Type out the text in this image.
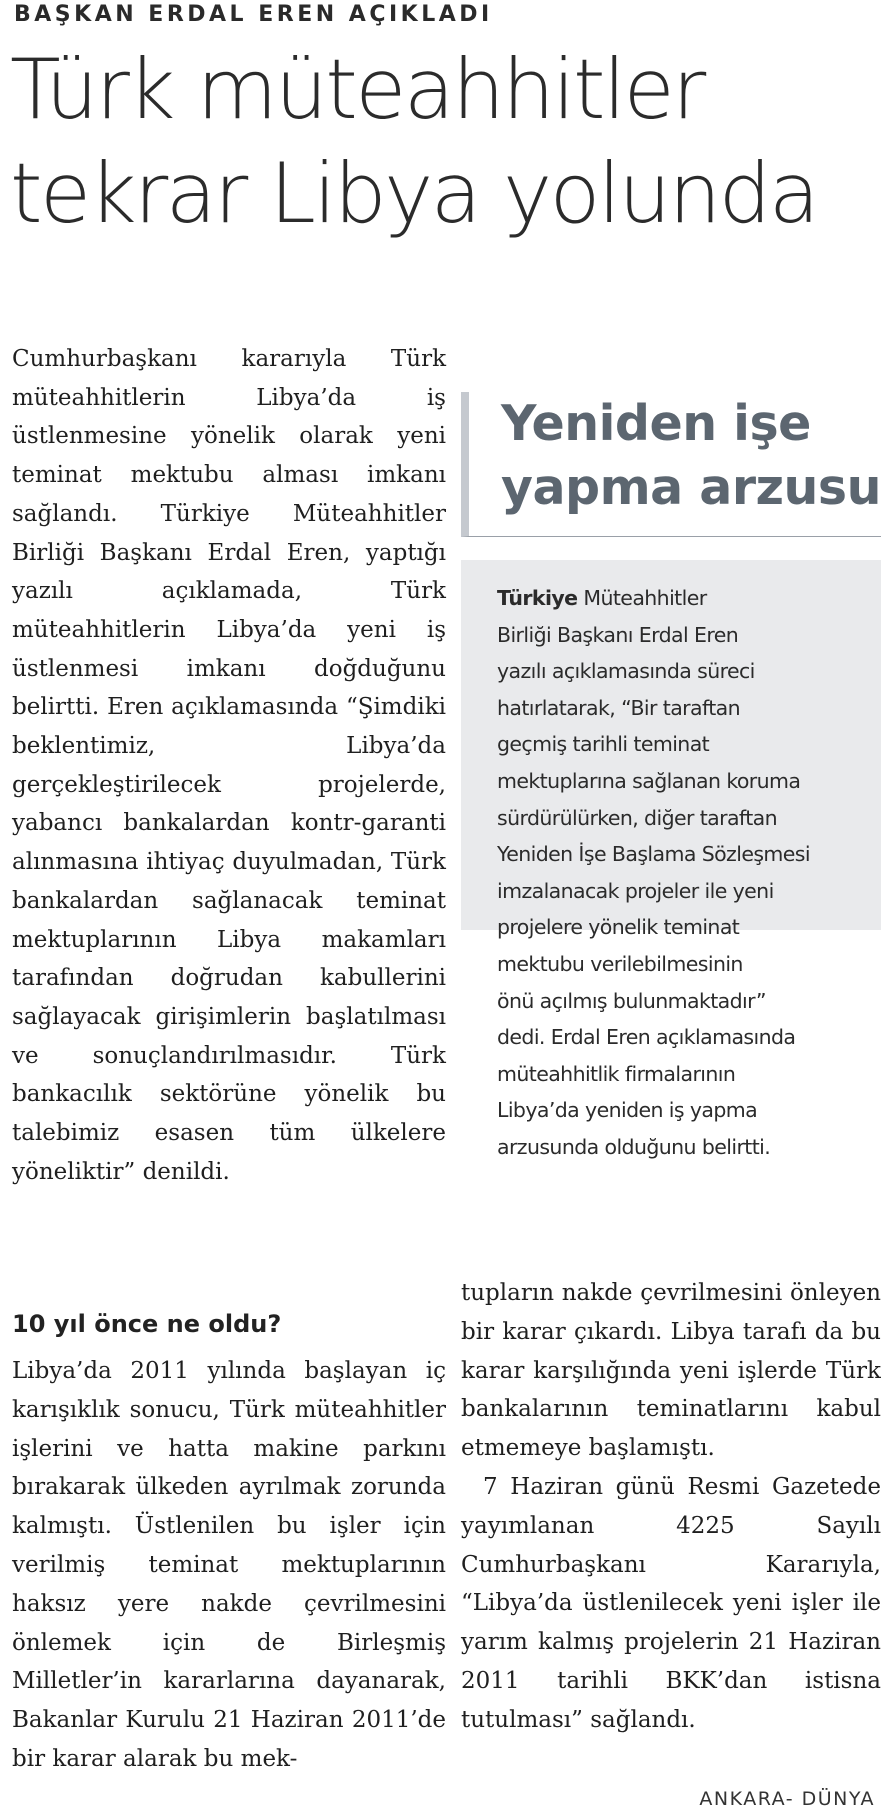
BAŞKAN ERDAL EREN AÇIKLADI
Türk müteahhitler
tekrar Libya yolunda

Cumhurbaşkanı kararıyla Türk müteahhitlerin Libya’da iş üstlenmesine yönelik olarak yeni teminat mektubu alması imkanı sağlandı. Türkiye Müteahhitler Birliği Başkanı Erdal Eren, yaptığı yazılı açıklamada, Türk müteahhitlerin Libya’da yeni iş üstlenmesi imkanı doğduğunu belirtti. Eren açıklamasında “Şimdiki beklentimiz, Libya’da gerçekleştirilecek projelerde, yabancı bankalardan kontr-garanti alınmasına ihtiyaç duyulmadan, Türk bankalardan sağlanacak teminat mektuplarının Libya makamları tarafından doğrudan kabullerini sağlayacak girişimlerin başlatılması ve sonuçlandırılmasıdır. Türk bankacılık sektörüne yönelik bu talebimiz esasen tüm ülkelere yöneliktir” denildi.

10 yıl önce ne oldu?

Libya’da 2011 yılında başlayan iç karışıklık sonucu, Türk müteahhitler işlerini ve hatta makine parkını bırakarak ülkeden ayrılmak zorunda kalmıştı. Üstlenilen bu işler için verilmiş teminat mektuplarının haksız yere nakde çevrilmesini önlemek için de Birleşmiş Milletler’in kararlarına dayanarak, Bakanlar Kurulu 21 Haziran 2011’de bir karar alarak bu mek-

Yeniden işe
yapma arzusu
Türkiye Müteahhitler
Birliği Başkanı Erdal Eren
yazılı açıklamasında süreci
hatırlatarak, “Bir taraftan
geçmiş tarihli teminat
mektuplarına sağlanan koruma
sürdürülürken, diğer taraftan
Yeniden İşe Başlama Sözleşmesi
imzalanacak projeler ile yeni
projelere yönelik teminat
mektubu verilebilmesinin
önü açılmış bulunmaktadır”
dedi. Erdal Eren açıklamasında
müteahhitlik firmalarının
Libya’da yeniden iş yapma
arzusunda olduğunu belirtti.

tupların nakde çevrilmesini önleyen bir karar çıkardı. Libya tarafı da bu karar karşılığında yeni işlerde Türk bankalarının teminatlarını kabul etmemeye başlamıştı.

7 Haziran günü Resmi Gazetede yayımlanan 4225 Sayılı Cumhurbaşkanı Kararıyla, “Libya’da üstlenilecek yeni işler ile yarım kalmış projelerin 21 Haziran 2011 tarihli BKK’dan istisna tutulması” sağlandı.

ANKARA- DÜNYA
